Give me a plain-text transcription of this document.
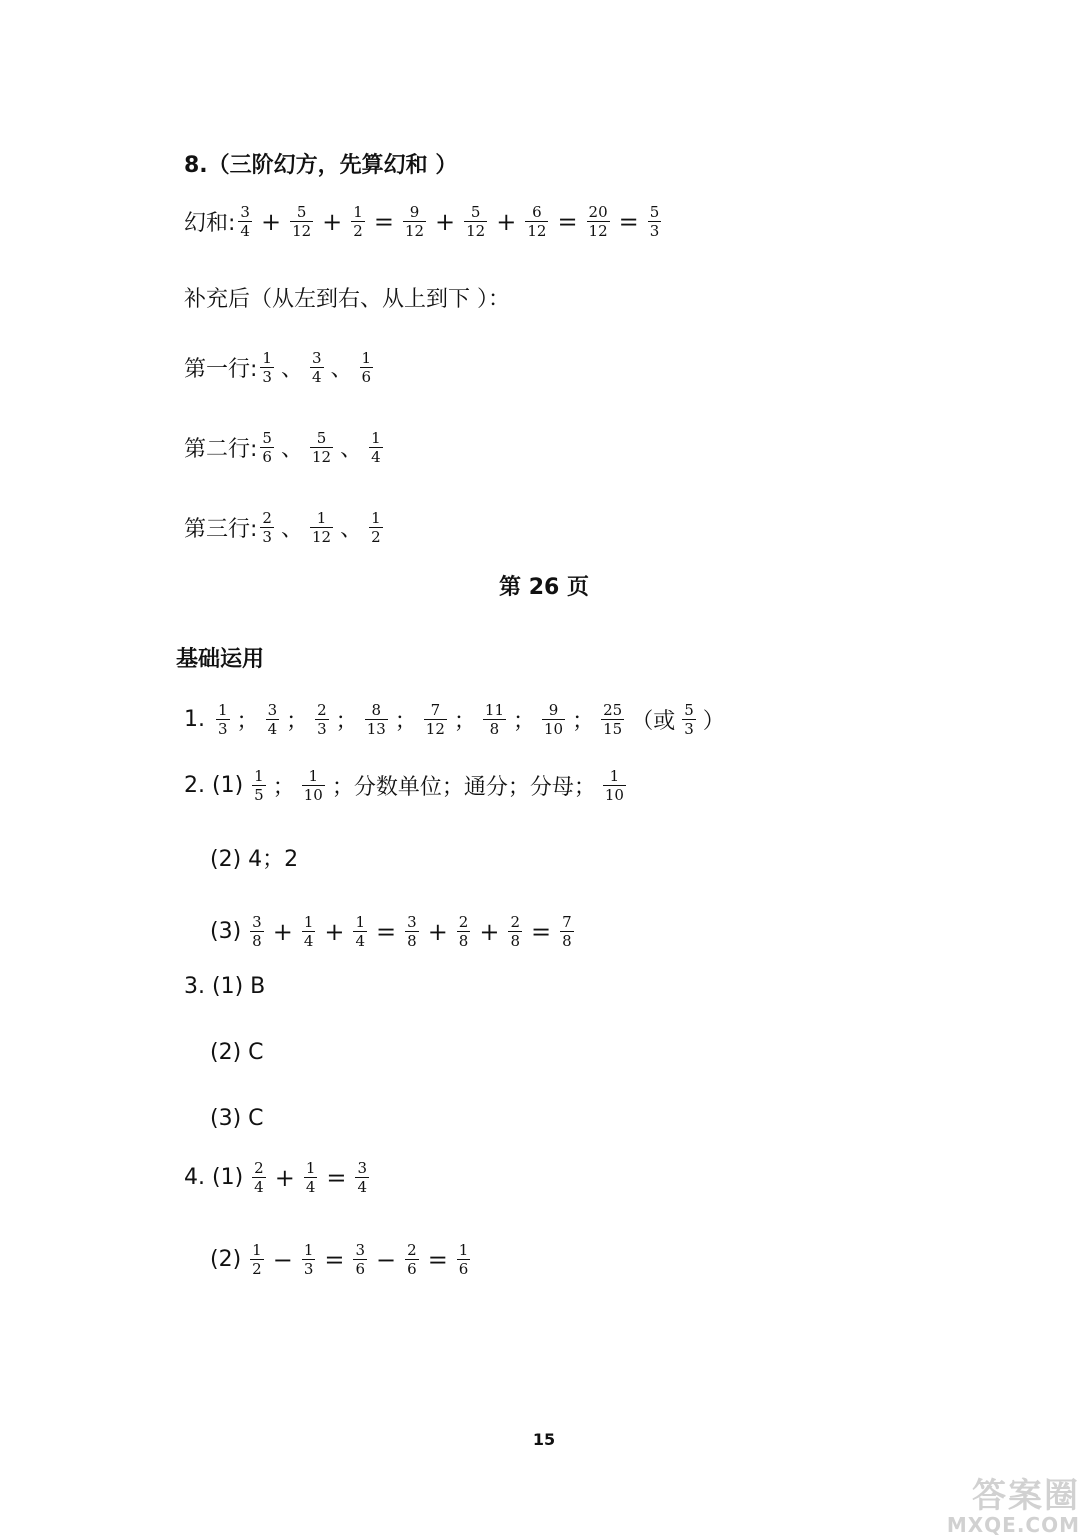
8.（三阶幻方，先算幻和 ）
幻和: $\frac{3}{4} + \frac{5}{12} + \frac{1}{2} = \frac{9}{12} + \frac{5}{12} + \frac{6}{12} = \frac{20}{12} = \frac{5}{3}$
补充后（从左到右、从上到下 ）：
第一行: $\frac{1}{3}$ 、 $\frac{3}{4}$ 、 $\frac{1}{6}$
第二行: $\frac{5}{6}$ 、 $\frac{5}{12}$ 、 $\frac{1}{4}$
第三行: $\frac{2}{3}$ 、 $\frac{1}{12}$ 、 $\frac{1}{2}$
第 26 页
基础运用
1. $\frac{1}{3}$ ； $\frac{3}{4}$ ； $\frac{2}{3}$ ； $\frac{8}{13}$ ； $\frac{7}{12}$ ； $\frac{11}{8}$ ； $\frac{9}{10}$ ； $\frac{25}{15}$ （或 $\frac{5}{3}$ ）
2. $(1) \frac{1}{5}$ ； $\frac{1}{10}$ ；分数单位；通分；分母； $\frac{1}{10}$
(2) 4；2
$(3) \frac{3}{8} + \frac{1}{4} + \frac{1}{4} = \frac{3}{8} + \frac{2}{8} + \frac{2}{8} = \frac{7}{8}$
3. (1) B
(2) C
(3) C
4. $(1) \frac{2}{4} + \frac{1}{4} = \frac{3}{4}$
$(2) \frac{1}{2} - \frac{1}{3} = \frac{3}{6} - \frac{2}{6} = \frac{1}{6}$
15
答案圈
MXQE.COM
